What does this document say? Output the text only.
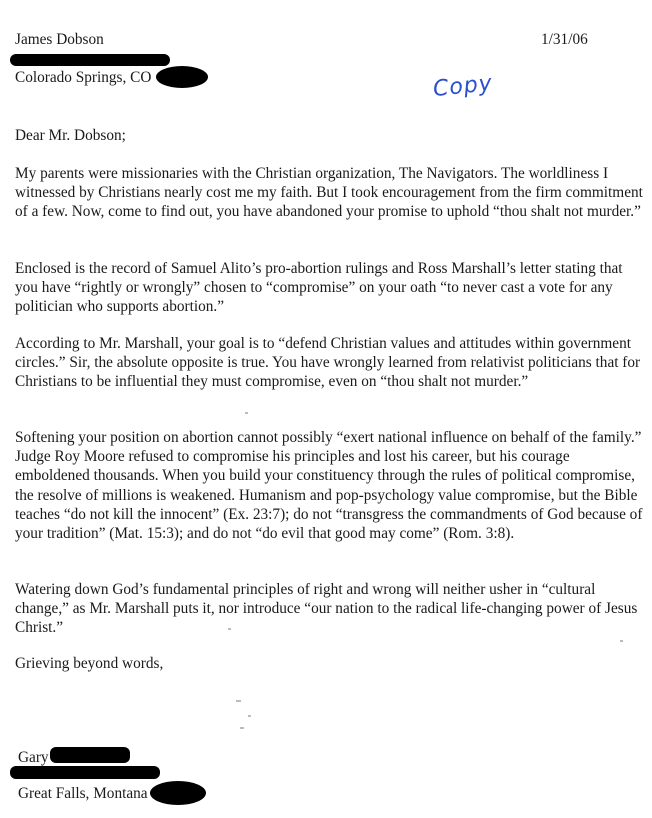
James Dobson
Colorado Springs, CO
1/31/06
Copy
Dear Mr. Dobson;
My parents were missionaries with the Christian organization, The Navigators. The worldliness I witnessed by Christians nearly cost me my faith. But I took encouragement from the firm commitment of a few. Now, come to find out, you have abandoned your promise to uphold “thou shalt not murder.”
Enclosed is the record of Samuel Alito’s pro-abortion rulings and Ross Marshall’s letter stating that you have “rightly or wrongly” chosen to “compromise” on your oath “to never cast a vote for any politician who supports abortion.”
According to Mr. Marshall, your goal is to “defend Christian values and attitudes within government circles.” Sir, the absolute opposite is true. You have wrongly learned from relativist politicians that for Christians to be influential they must compromise, even on “thou shalt not murder.”
Softening your position on abortion cannot possibly “exert national influence on behalf of the family.” Judge Roy Moore refused to compromise his principles and lost his career, but his courage emboldened thousands. When you build your constituency through the rules of political compromise, the resolve of millions is weakened. Humanism and pop-psychology value compromise, but the Bible teaches “do not kill the innocent” (Ex. 23:7); do not “transgress the commandments of God because of your tradition” (Mat. 15:3); and do not “do evil that good may come” (Rom. 3:8).
Watering down God’s fundamental principles of right and wrong will neither usher in “cultural change,” as Mr. Marshall puts it, nor introduce “our nation to the radical life-changing power of Jesus Christ.”
Grieving beyond words,
Gary
Great Falls, Montana
